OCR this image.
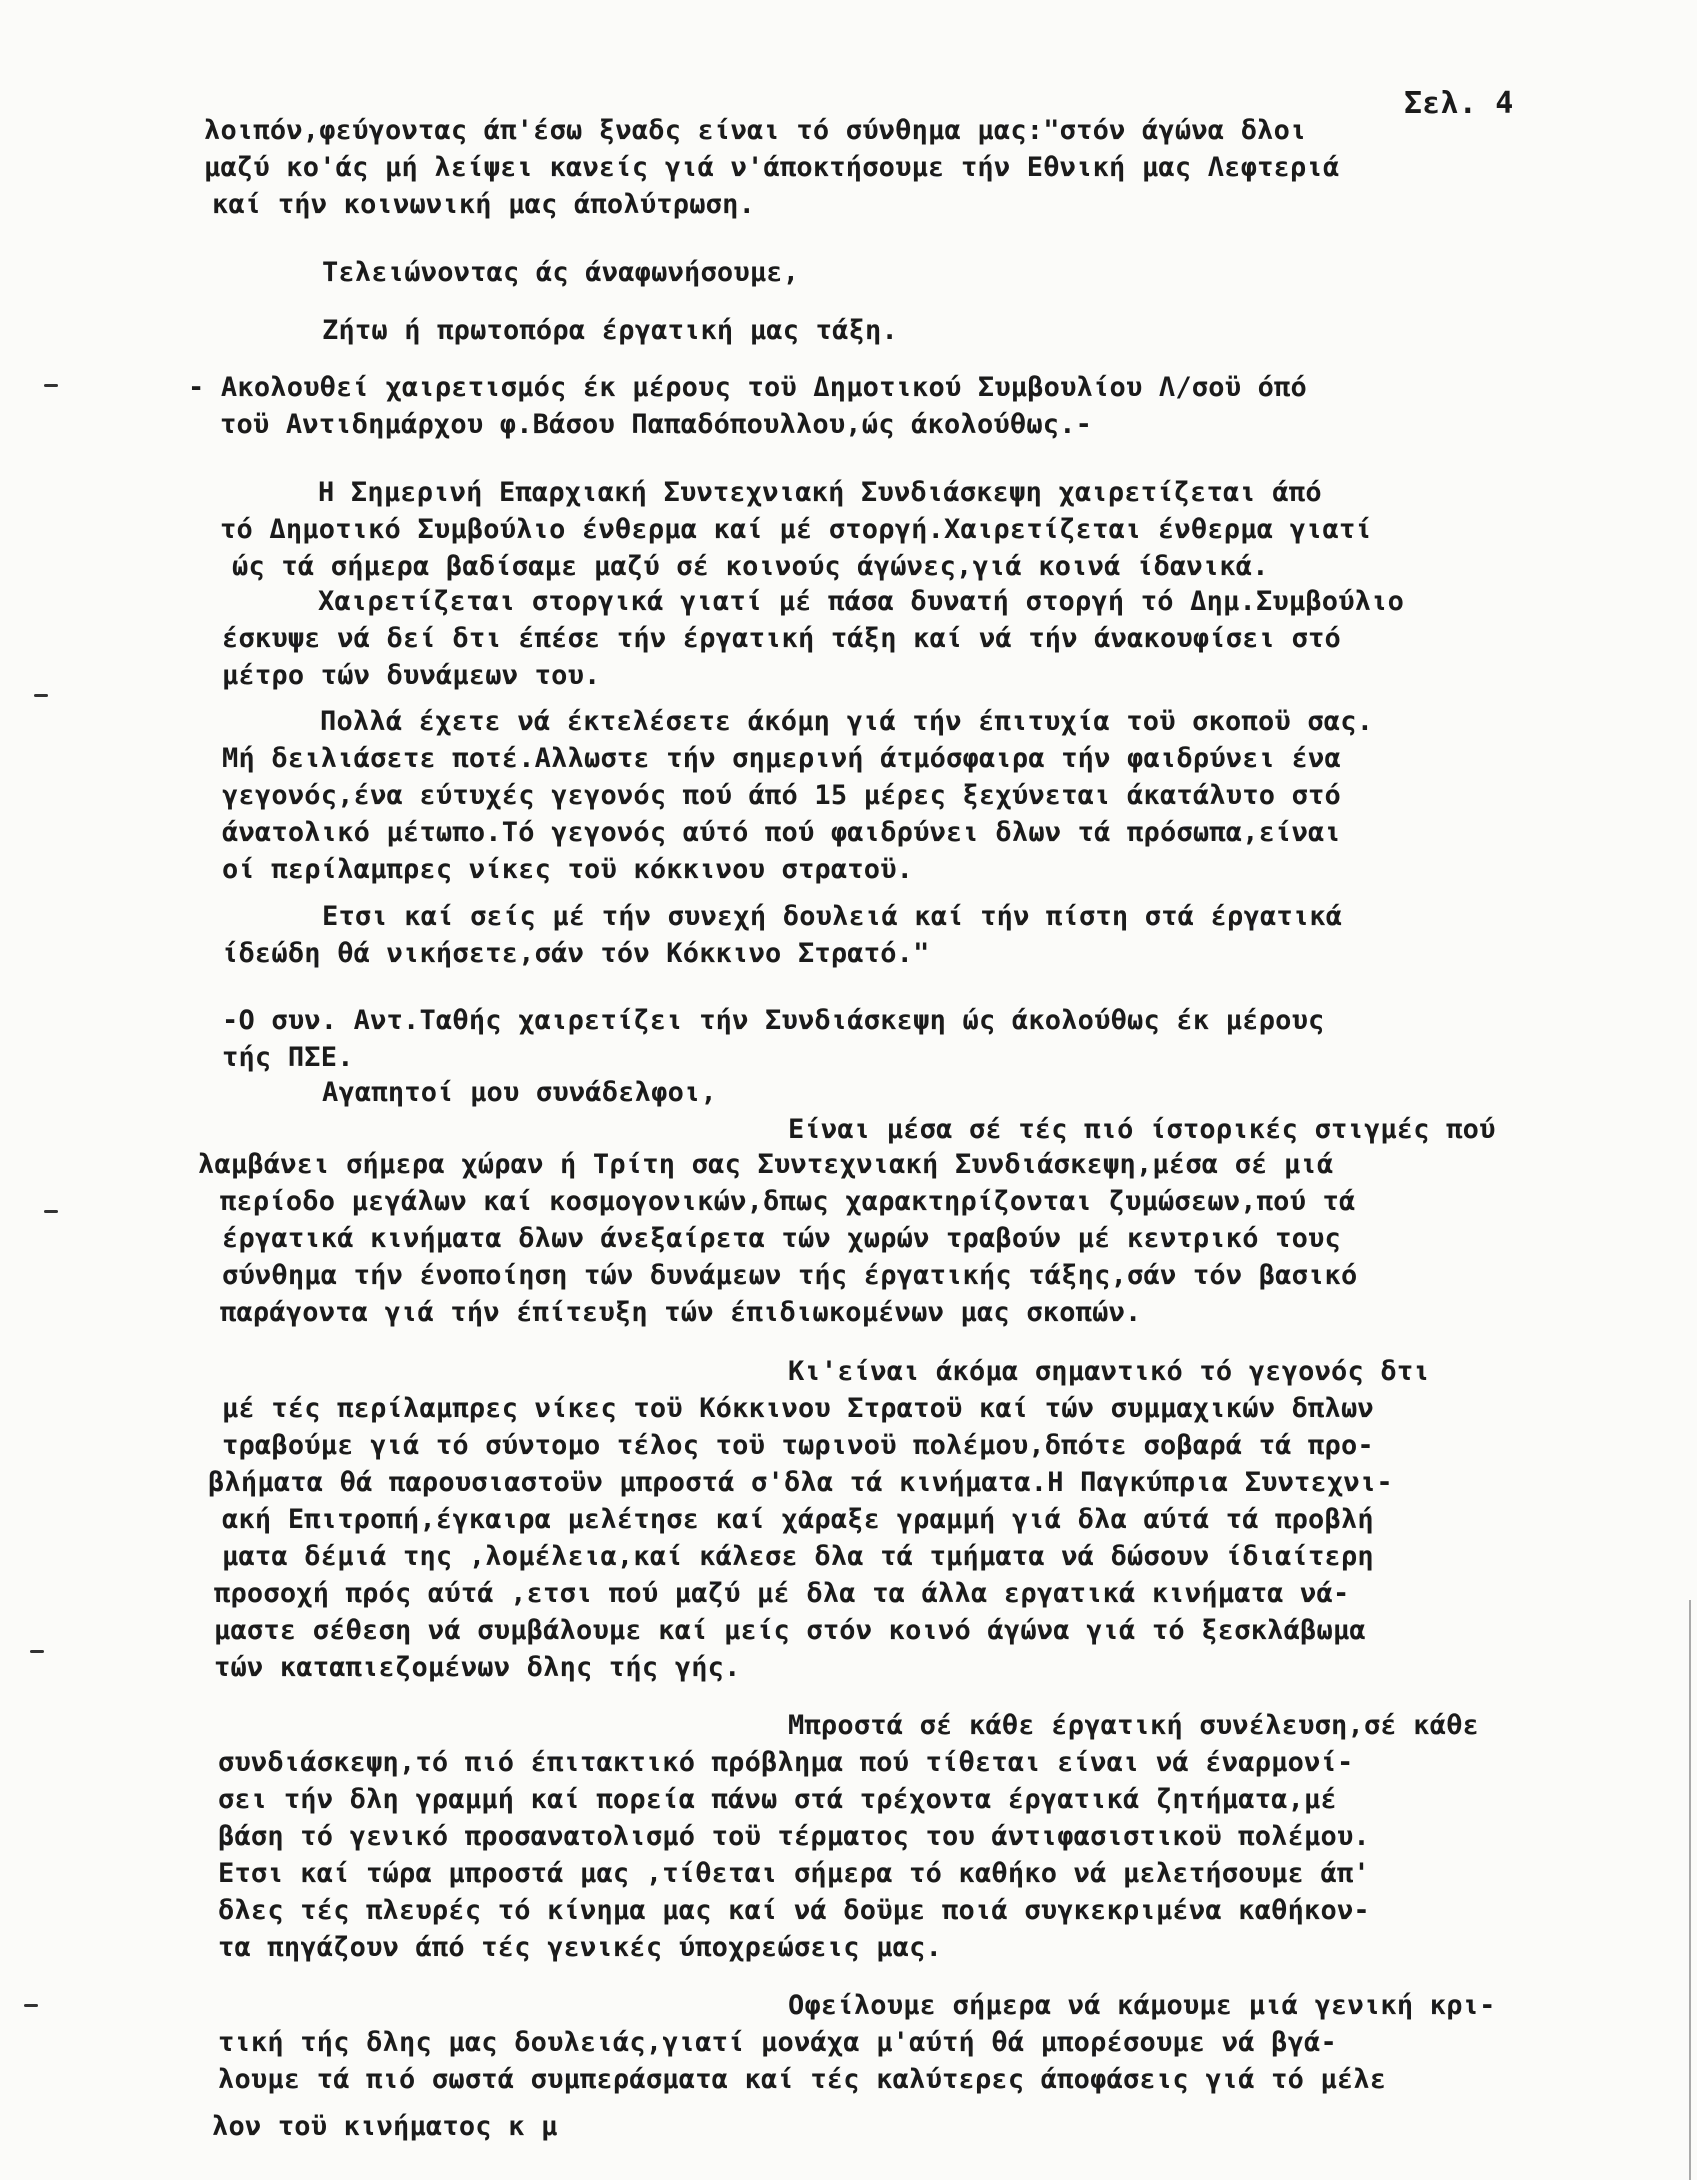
Σελ. 4
λοιπόν,φεύγοντας άπ'έσω ξναδς είναι τό σύνθημα μας:"στόν άγώνα δλοι
μαζύ κο'άς μή λείψει κανείς γιά ν'άποκτήσουμε τήν Εθνική μας Λεφτεριά
καί τήν κοινωνική μας άπολύτρωση.
Τελειώνοντας άς άναφωνήσουμε,
Ζήτω ή πρωτοπόρα έργατική μας τάξη.
- Ακολουθεί χαιρετισμός έκ μέρους τοϋ Δημοτικού Συμβουλίου Λ/σοϋ όπό
τοϋ Αντιδημάρχου φ.Βάσου Παπαδόπουλλου,ώς άκολούθως.-
Η Σημερινή Επαρχιακή Συντεχνιακή Συνδιάσκεψη χαιρετίζεται άπό
τό Δημοτικό Συμβούλιο ένθερμα καί μέ στοργή.Χαιρετίζεται ένθερμα γιατί
ώς τά σήμερα βαδίσαμε μαζύ σέ κοινούς άγώνες,γιά κοινά ίδανικά.
Χαιρετίζεται στοργικά γιατί μέ πάσα δυνατή στοργή τό Δημ.Συμβούλιο
έσκυψε νά δεί δτι έπέσε τήν έργατική τάξη καί νά τήν άνακουφίσει στό
μέτρο τών δυνάμεων του.
Πολλά έχετε νά έκτελέσετε άκόμη γιά τήν έπιτυχία τοϋ σκοποϋ σας.
Μή δειλιάσετε ποτέ.Αλλωστε τήν σημερινή άτμόσφαιρα τήν φαιδρύνει ένα
γεγονός,ένα εύτυχές γεγονός πού άπό 15 μέρες ξεχύνεται άκατάλυτο στό
άνατολικό μέτωπο.Τό γεγονός αύτό πού φαιδρύνει δλων τά πρόσωπα,είναι
οί περίλαμπρες νίκες τοϋ κόκκινου στρατοϋ.
Ετσι καί σείς μέ τήν συνεχή δουλειά καί τήν πίστη στά έργατικά
ίδεώδη θά νικήσετε,σάν τόν Κόκκινο Στρατό."
-Ο συν. Αντ.Ταθής χαιρετίζει τήν Συνδιάσκεψη ώς άκολούθως έκ μέρους
τής ΠΣΕ.
Αγαπητοί μου συνάδελφοι,
Είναι μέσα σέ τές πιό ίστορικές στιγμές πού
λαμβάνει σήμερα χώραν ή Τρίτη σας Συντεχνιακή Συνδιάσκεψη,μέσα σέ μιά
περίοδο μεγάλων καί κοσμογονικών,δπως χαρακτηρίζονται ζυμώσεων,πού τά
έργατικά κινήματα δλων άνεξαίρετα τών χωρών τραβούν μέ κεντρικό τους
σύνθημα τήν ένοποίηση τών δυνάμεων τής έργατικής τάξης,σάν τόν βασικό
παράγοντα γιά τήν έπίτευξη τών έπιδιωκομένων μας σκοπών.
Κι'είναι άκόμα σημαντικό τό γεγονός δτι
μέ τές περίλαμπρες νίκες τοϋ Κόκκινου Στρατοϋ καί τών συμμαχικών δπλων
τραβούμε γιά τό σύντομο τέλος τοϋ τωρινοϋ πολέμου,δπότε σοβαρά τά προ-
βλήματα θά παρουσιαστοϋν μπροστά σ'δλα τά κινήματα.Η Παγκύπρια Συντεχνι-
ακή Επιτροπή,έγκαιρα μελέτησε καί χάραξε γραμμή γιά δλα αύτά τά προβλή
ματα δέμιά της ,λομέλεια,καί κάλεσε δλα τά τμήματα νά δώσουν ίδιαίτερη
προσοχή πρός αύτά ,ετσι πού μαζύ μέ δλα τα άλλα εργατικά κινήματα νά-
μαστε σέθεση νά συμβάλουμε καί μείς στόν κοινό άγώνα γιά τό ξεσκλάβωμα
τών καταπιεζομένων δλης τής γής.
Μπροστά σέ κάθε έργατική συνέλευση,σέ κάθε
συνδιάσκεψη,τό πιό έπιτακτικό πρόβλημα πού τίθεται είναι νά έναρμονί-
σει τήν δλη γραμμή καί πορεία πάνω στά τρέχοντα έργατικά ζητήματα,μέ
βάση τό γενικό προσανατολισμό τοϋ τέρματος του άντιφασιστικοϋ πολέμου.
Ετσι καί τώρα μπροστά μας ,τίθεται σήμερα τό καθήκο νά μελετήσουμε άπ'
δλες τές πλευρές τό κίνημα μας καί νά δοϋμε ποιά συγκεκριμένα καθήκον-
τα πηγάζουν άπό τές γενικές ύποχρεώσεις μας.
Οφείλουμε σήμερα νά κάμουμε μιά γενική κρι-
τική τής δλης μας δουλειάς,γιατί μονάχα μ'αύτή θά μπορέσουμε νά βγά-
λουμε τά πιό σωστά συμπεράσματα καί τές καλύτερες άποφάσεις γιά τό μέλε
λον τοϋ κινήματος κ μ
